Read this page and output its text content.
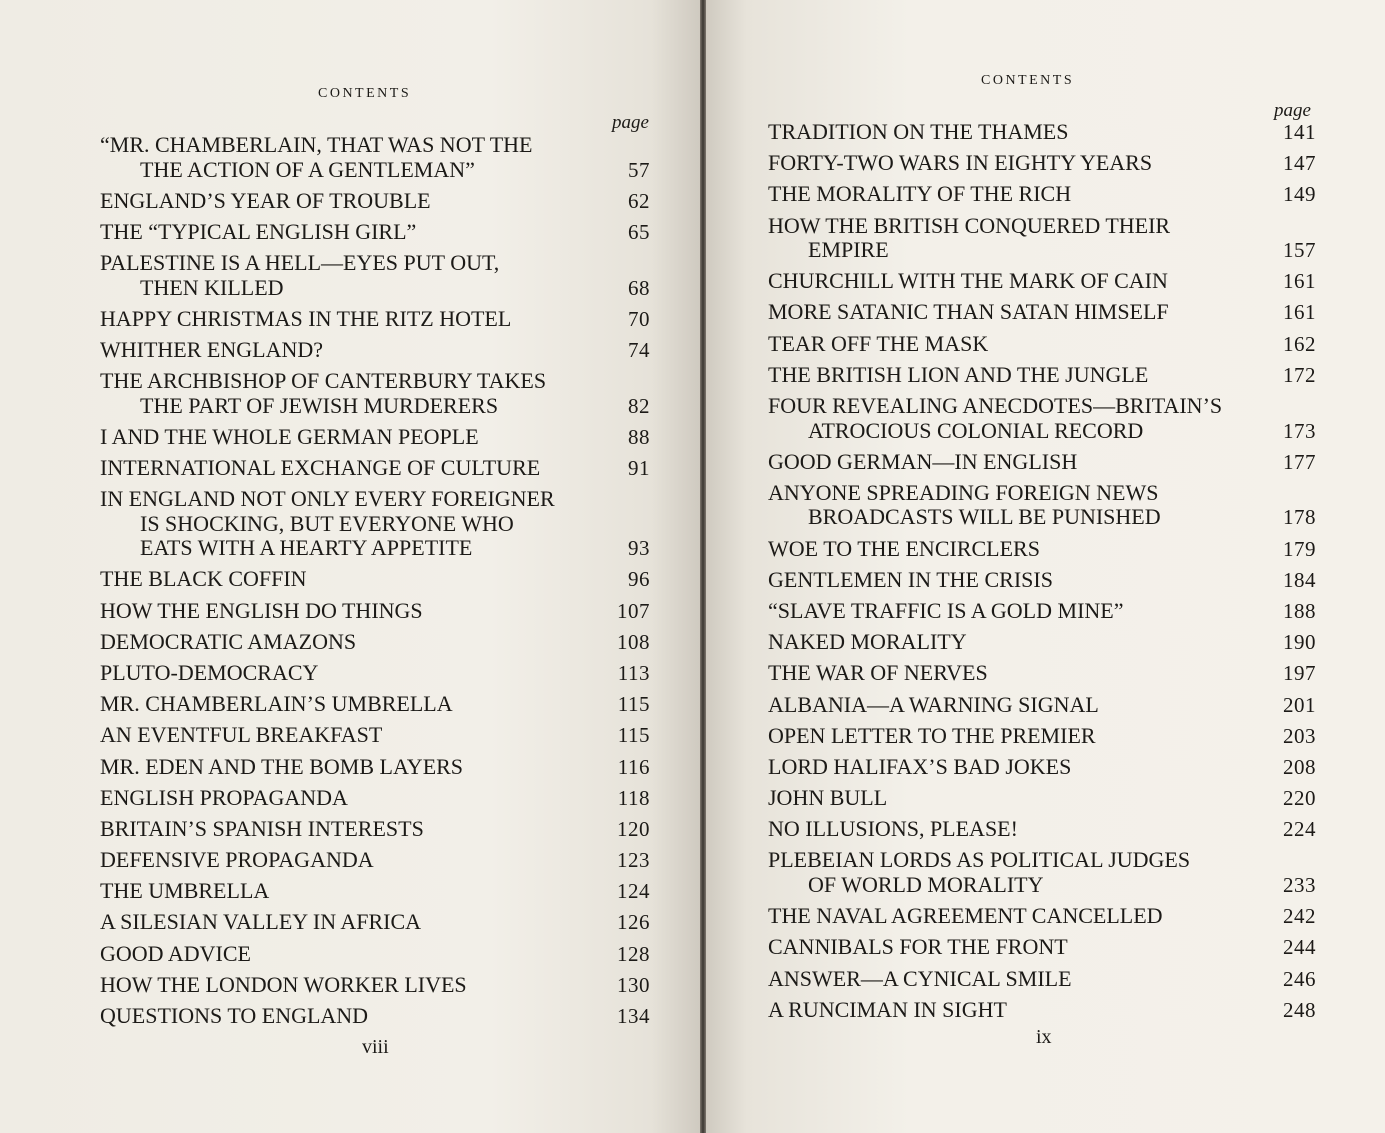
CONTENTS
page
“MR. CHAMBERLAIN, THAT WAS NOT THE
THE ACTION OF A GENTLEMAN”	57
ENGLAND’S YEAR OF TROUBLE	62
THE “TYPICAL ENGLISH GIRL”	65
PALESTINE IS A HELL—EYES PUT OUT,
THEN KILLED	68
HAPPY CHRISTMAS IN THE RITZ HOTEL	70
WHITHER ENGLAND?	74
THE ARCHBISHOP OF CANTERBURY TAKES
THE PART OF JEWISH MURDERERS	82
I AND THE WHOLE GERMAN PEOPLE	88
INTERNATIONAL EXCHANGE OF CULTURE	91
IN ENGLAND NOT ONLY EVERY FOREIGNER
IS SHOCKING, BUT EVERYONE WHO
EATS WITH A HEARTY APPETITE	93
THE BLACK COFFIN	96
HOW THE ENGLISH DO THINGS	107
DEMOCRATIC AMAZONS	108
PLUTO-DEMOCRACY	113
MR. CHAMBERLAIN’S UMBRELLA	115
AN EVENTFUL BREAKFAST	115
MR. EDEN AND THE BOMB LAYERS	116
ENGLISH PROPAGANDA	118
BRITAIN’S SPANISH INTERESTS	120
DEFENSIVE PROPAGANDA	123
THE UMBRELLA	124
A SILESIAN VALLEY IN AFRICA	126
GOOD ADVICE	128
HOW THE LONDON WORKER LIVES	130
QUESTIONS TO ENGLAND	134
viii
CONTENTS
page
TRADITION ON THE THAMES	141
FORTY-TWO WARS IN EIGHTY YEARS	147
THE MORALITY OF THE RICH	149
HOW THE BRITISH CONQUERED THEIR
EMPIRE	157
CHURCHILL WITH THE MARK OF CAIN	161
MORE SATANIC THAN SATAN HIMSELF	161
TEAR OFF THE MASK	162
THE BRITISH LION AND THE JUNGLE	172
FOUR REVEALING ANECDOTES—BRITAIN’S
ATROCIOUS COLONIAL RECORD	173
GOOD GERMAN—IN ENGLISH	177
ANYONE SPREADING FOREIGN NEWS
BROADCASTS WILL BE PUNISHED	178
WOE TO THE ENCIRCLERS	179
GENTLEMEN IN THE CRISIS	184
“SLAVE TRAFFIC IS A GOLD MINE”	188
NAKED MORALITY	190
THE WAR OF NERVES	197
ALBANIA—A WARNING SIGNAL	201
OPEN LETTER TO THE PREMIER	203
LORD HALIFAX’S BAD JOKES	208
JOHN BULL	220
NO ILLUSIONS, PLEASE!	224
PLEBEIAN LORDS AS POLITICAL JUDGES
OF WORLD MORALITY	233
THE NAVAL AGREEMENT CANCELLED	242
CANNIBALS FOR THE FRONT	244
ANSWER—A CYNICAL SMILE	246
A RUNCIMAN IN SIGHT	248
ix
